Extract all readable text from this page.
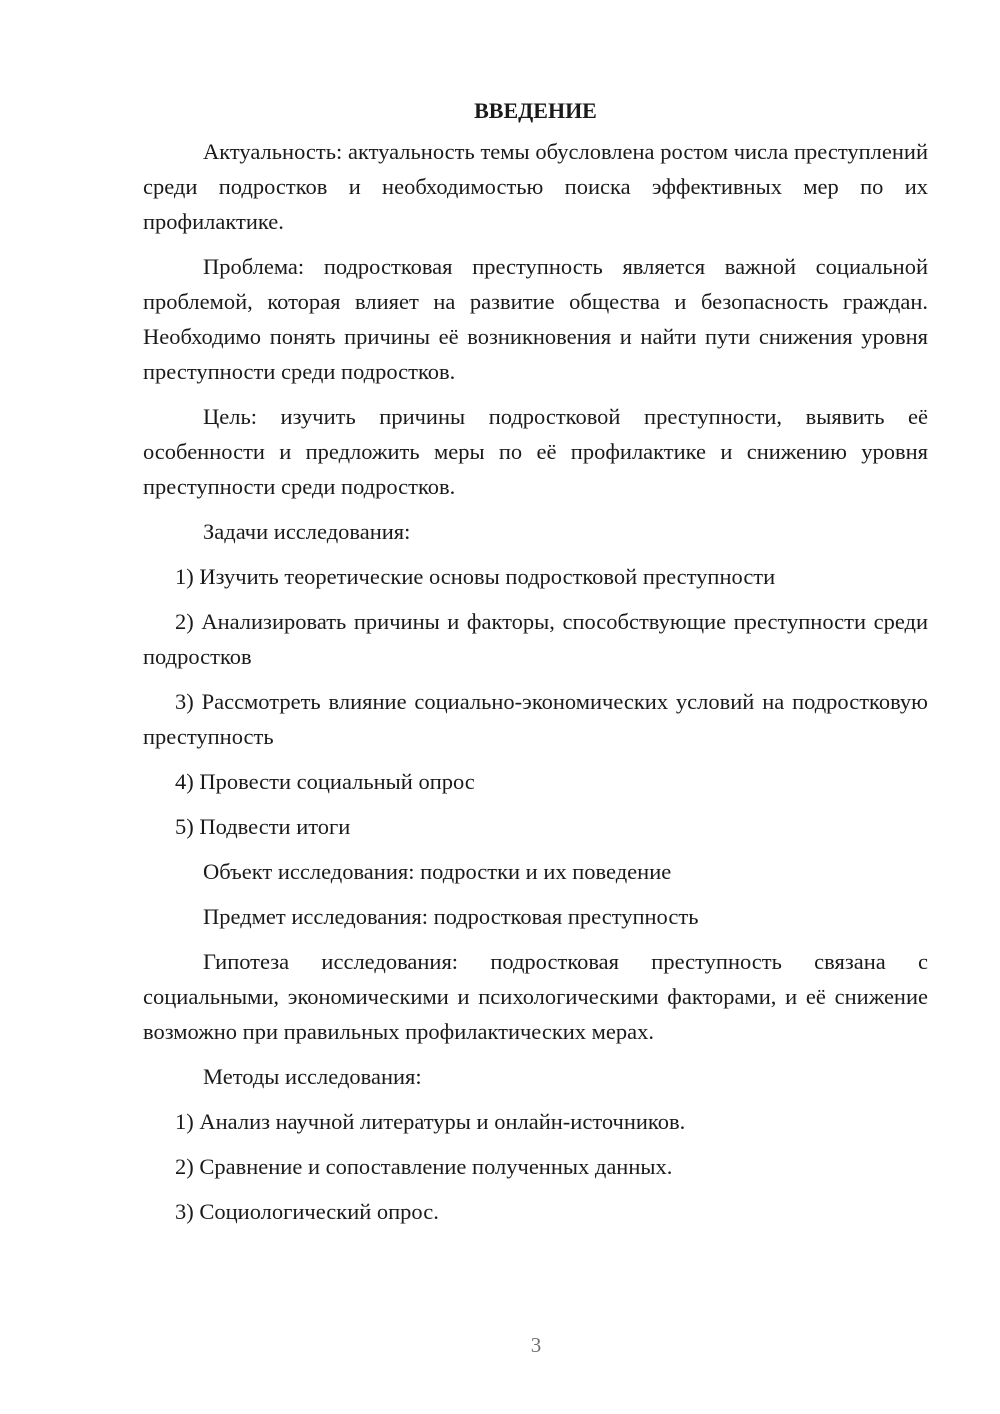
ВВЕДЕНИЕ

Актуальность: актуальность темы обусловлена ростом числа преступлений среди подростков и необходимостью поиска эффективных мер по их профилактике.

Проблема: подростковая преступность является важной социальной проблемой, которая влияет на развитие общества и безопасность граждан. Необходимо понять причины её возникновения и найти пути снижения уровня преступности среди подростков.

Цель: изучить причины подростковой преступности, выявить её особенности и предложить меры по её профилактике и снижению уровня преступности среди подростков.

Задачи исследования:

1) Изучить теоретические основы подростковой преступности

2) Анализировать причины и факторы, способствующие преступности среди подростков

3) Рассмотреть влияние социально-экономических условий на подростковую преступность

4) Провести социальный опрос

5) Подвести итоги

Объект исследования: подростки и их поведение

Предмет исследования: подростковая преступность

Гипотеза исследования: подростковая преступность связана с социальными, экономическими и психологическими факторами, и её снижение возможно при правильных профилактических мерах.

Методы исследования:

1) Анализ научной литературы и онлайн-источников.

2) Сравнение и сопоставление полученных данных.

3) Социологический опрос.

3
